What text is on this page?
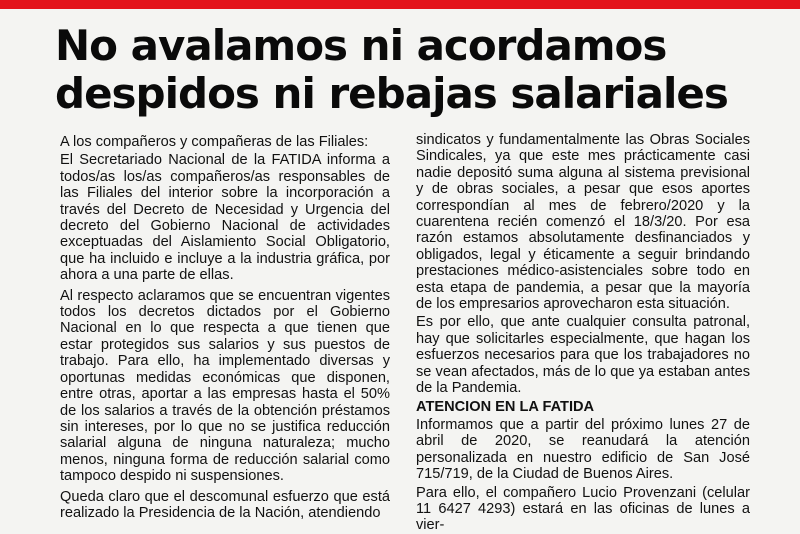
No avalamos ni acordamos
despidos ni rebajas salariales

A los compañeros y compañeras de las Filiales:

El Secretariado Nacional de la FATIDA informa a todos/as los/as compañeros/as responsables de las Filiales del interior sobre la incorporación a través del Decreto de Necesidad y Urgencia del decreto del Gobierno Nacional de actividades exceptuadas del Aislamiento Social Obligatorio, que ha incluido e incluye a la industria gráfica, por ahora a una parte de ellas.

Al respecto aclaramos que se encuentran vigentes todos los decretos dictados por el Gobierno Nacional en lo que respecta a que tienen que estar protegidos sus salarios y sus puestos de trabajo. Para ello, ha implementado diversas y oportunas medidas económicas que disponen, entre otras, aportar a las empresas hasta el 50% de los salarios a través de la obtención préstamos sin intereses, por lo que no se justifica reducción salarial alguna de ninguna naturaleza; mucho menos, ninguna forma de reducción salarial como tampoco despido ni suspensiones.

Queda claro que el descomunal esfuerzo que está realizado la Presidencia de la Nación, atendiendo

sindicatos y fundamentalmente las Obras Sociales Sindicales, ya que este mes prácticamente casi nadie depositó suma alguna al sistema previsional y de obras sociales, a pesar que esos aportes correspondían al mes de febrero/2020 y la cuarentena recién comenzó el 18/3/20. Por esa razón estamos absolutamente desfinanciados y obligados, legal y éticamente a seguir brindando prestaciones médico-asistenciales sobre todo en esta etapa de pandemia, a pesar que la mayoría de los empresarios aprovecharon esta situación.

Es por ello, que ante cualquier consulta patronal, hay que solicitarles especialmente, que hagan los esfuerzos necesarios para que los trabajadores no se vean afectados, más de lo que ya estaban antes de la Pandemia.

ATENCION EN LA FATIDA

Informamos que a partir del próximo lunes 27 de abril de 2020, se reanudará la atención personalizada en nuestro edificio de San José 715/719, de la Ciudad de Buenos Aires.

Para ello, el compañero Lucio Provenzani (celular 11 6427 4293) estará en las oficinas de lunes a vier-
